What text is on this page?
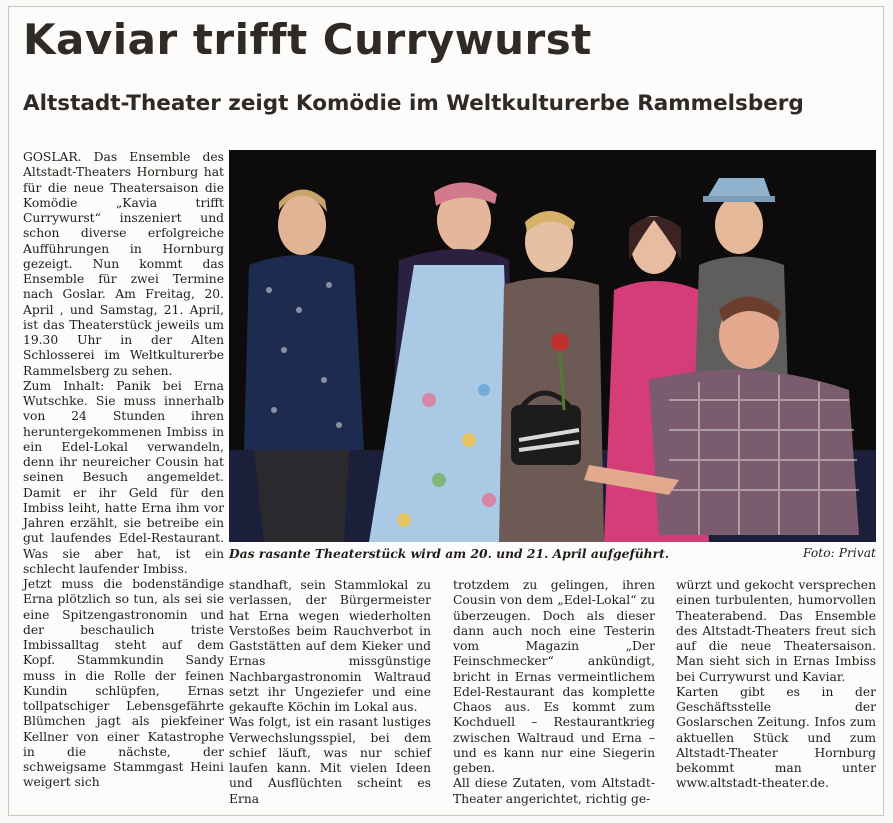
Kaviar trifft Currywurst
Altstadt-Theater zeigt Komödie im Weltkulturerbe Rammelsberg

GOSLAR. Das Ensemble des Altstadt-Theaters Hornburg hat für die neue Theatersaison die Komödie „Kavia trifft Currywurst“ inszeniert und schon diverse erfolgreiche Aufführungen in Hornburg gezeigt. Nun kommt das Ensemble für zwei Termine nach Goslar. Am Freitag, 20. April , und Samstag, 21. April, ist das Theaterstück jeweils um 19.30 Uhr in der Alten Schlosserei im Weltkulturerbe Rammelsberg zu sehen.

Zum Inhalt: Panik bei Erna Wutschke. Sie muss innerhalb von 24 Stunden ihren heruntergekommenen Imbiss in ein Edel-Lokal verwandeln, denn ihr neureicher Cousin hat seinen Besuch angemeldet. Damit er ihr Geld für den Imbiss leiht, hatte Erna ihm vor Jahren erzählt, sie betreibe ein gut laufendes Edel-Restaurant. Was sie aber hat, ist ein schlecht laufender Imbiss.

Jetzt muss die bodenständige Erna plötzlich so tun, als sei sie eine Spitzengastronomin und der beschaulich triste Imbissalltag steht auf dem Kopf. Stammkundin Sandy muss in die Rolle der feinen Kundin schlüpfen, Ernas tollpatschiger Lebensgefährte Blümchen jagt als piekfeiner Kellner von einer Katastrophe in die nächste, der schweigsame Stammgast Heini weigert sich

Das rasante Theaterstück wird am 20. und 21. April aufgeführt.	Foto: Privat

standhaft, sein Stammlokal zu verlassen, der Bürgermeister hat Erna wegen wiederholten Verstoßes beim Rauchverbot in Gaststätten auf dem Kieker und Ernas missgünstige Nachbargastronomin Waltraud setzt ihr Ungeziefer und eine gekaufte Köchin im Lokal aus.

Was folgt, ist ein rasant lustiges Verwechslungsspiel, bei dem schief läuft, was nur schief laufen kann. Mit vielen Ideen und Ausflüchten scheint es Erna

trotzdem zu gelingen, ihren Cousin von dem „Edel-Lokal“ zu überzeugen. Doch als dieser dann auch noch eine Testerin vom Magazin „Der Feinschmecker“ ankündigt, bricht in Ernas vermeintlichem Edel-Restaurant das komplette Chaos aus. Es kommt zum Kochduell – Restaurantkrieg zwischen Waltraud und Erna – und es kann nur eine Siegerin geben.

All diese Zutaten, vom Altstadt-Theater angerichtet, richtig ge-

würzt und gekocht versprechen einen turbulenten, humorvollen Theaterabend. Das Ensemble des Altstadt-Theaters freut sich auf die neue Theatersaison. Man sieht sich in Ernas Imbiss bei Currywurst und Kaviar.

Karten gibt es in der Geschäftsstelle der Goslarschen Zeitung. Infos zum aktuellen Stück und zum Altstadt-Theater Hornburg bekommt man unter www.altstadt-theater.de.
